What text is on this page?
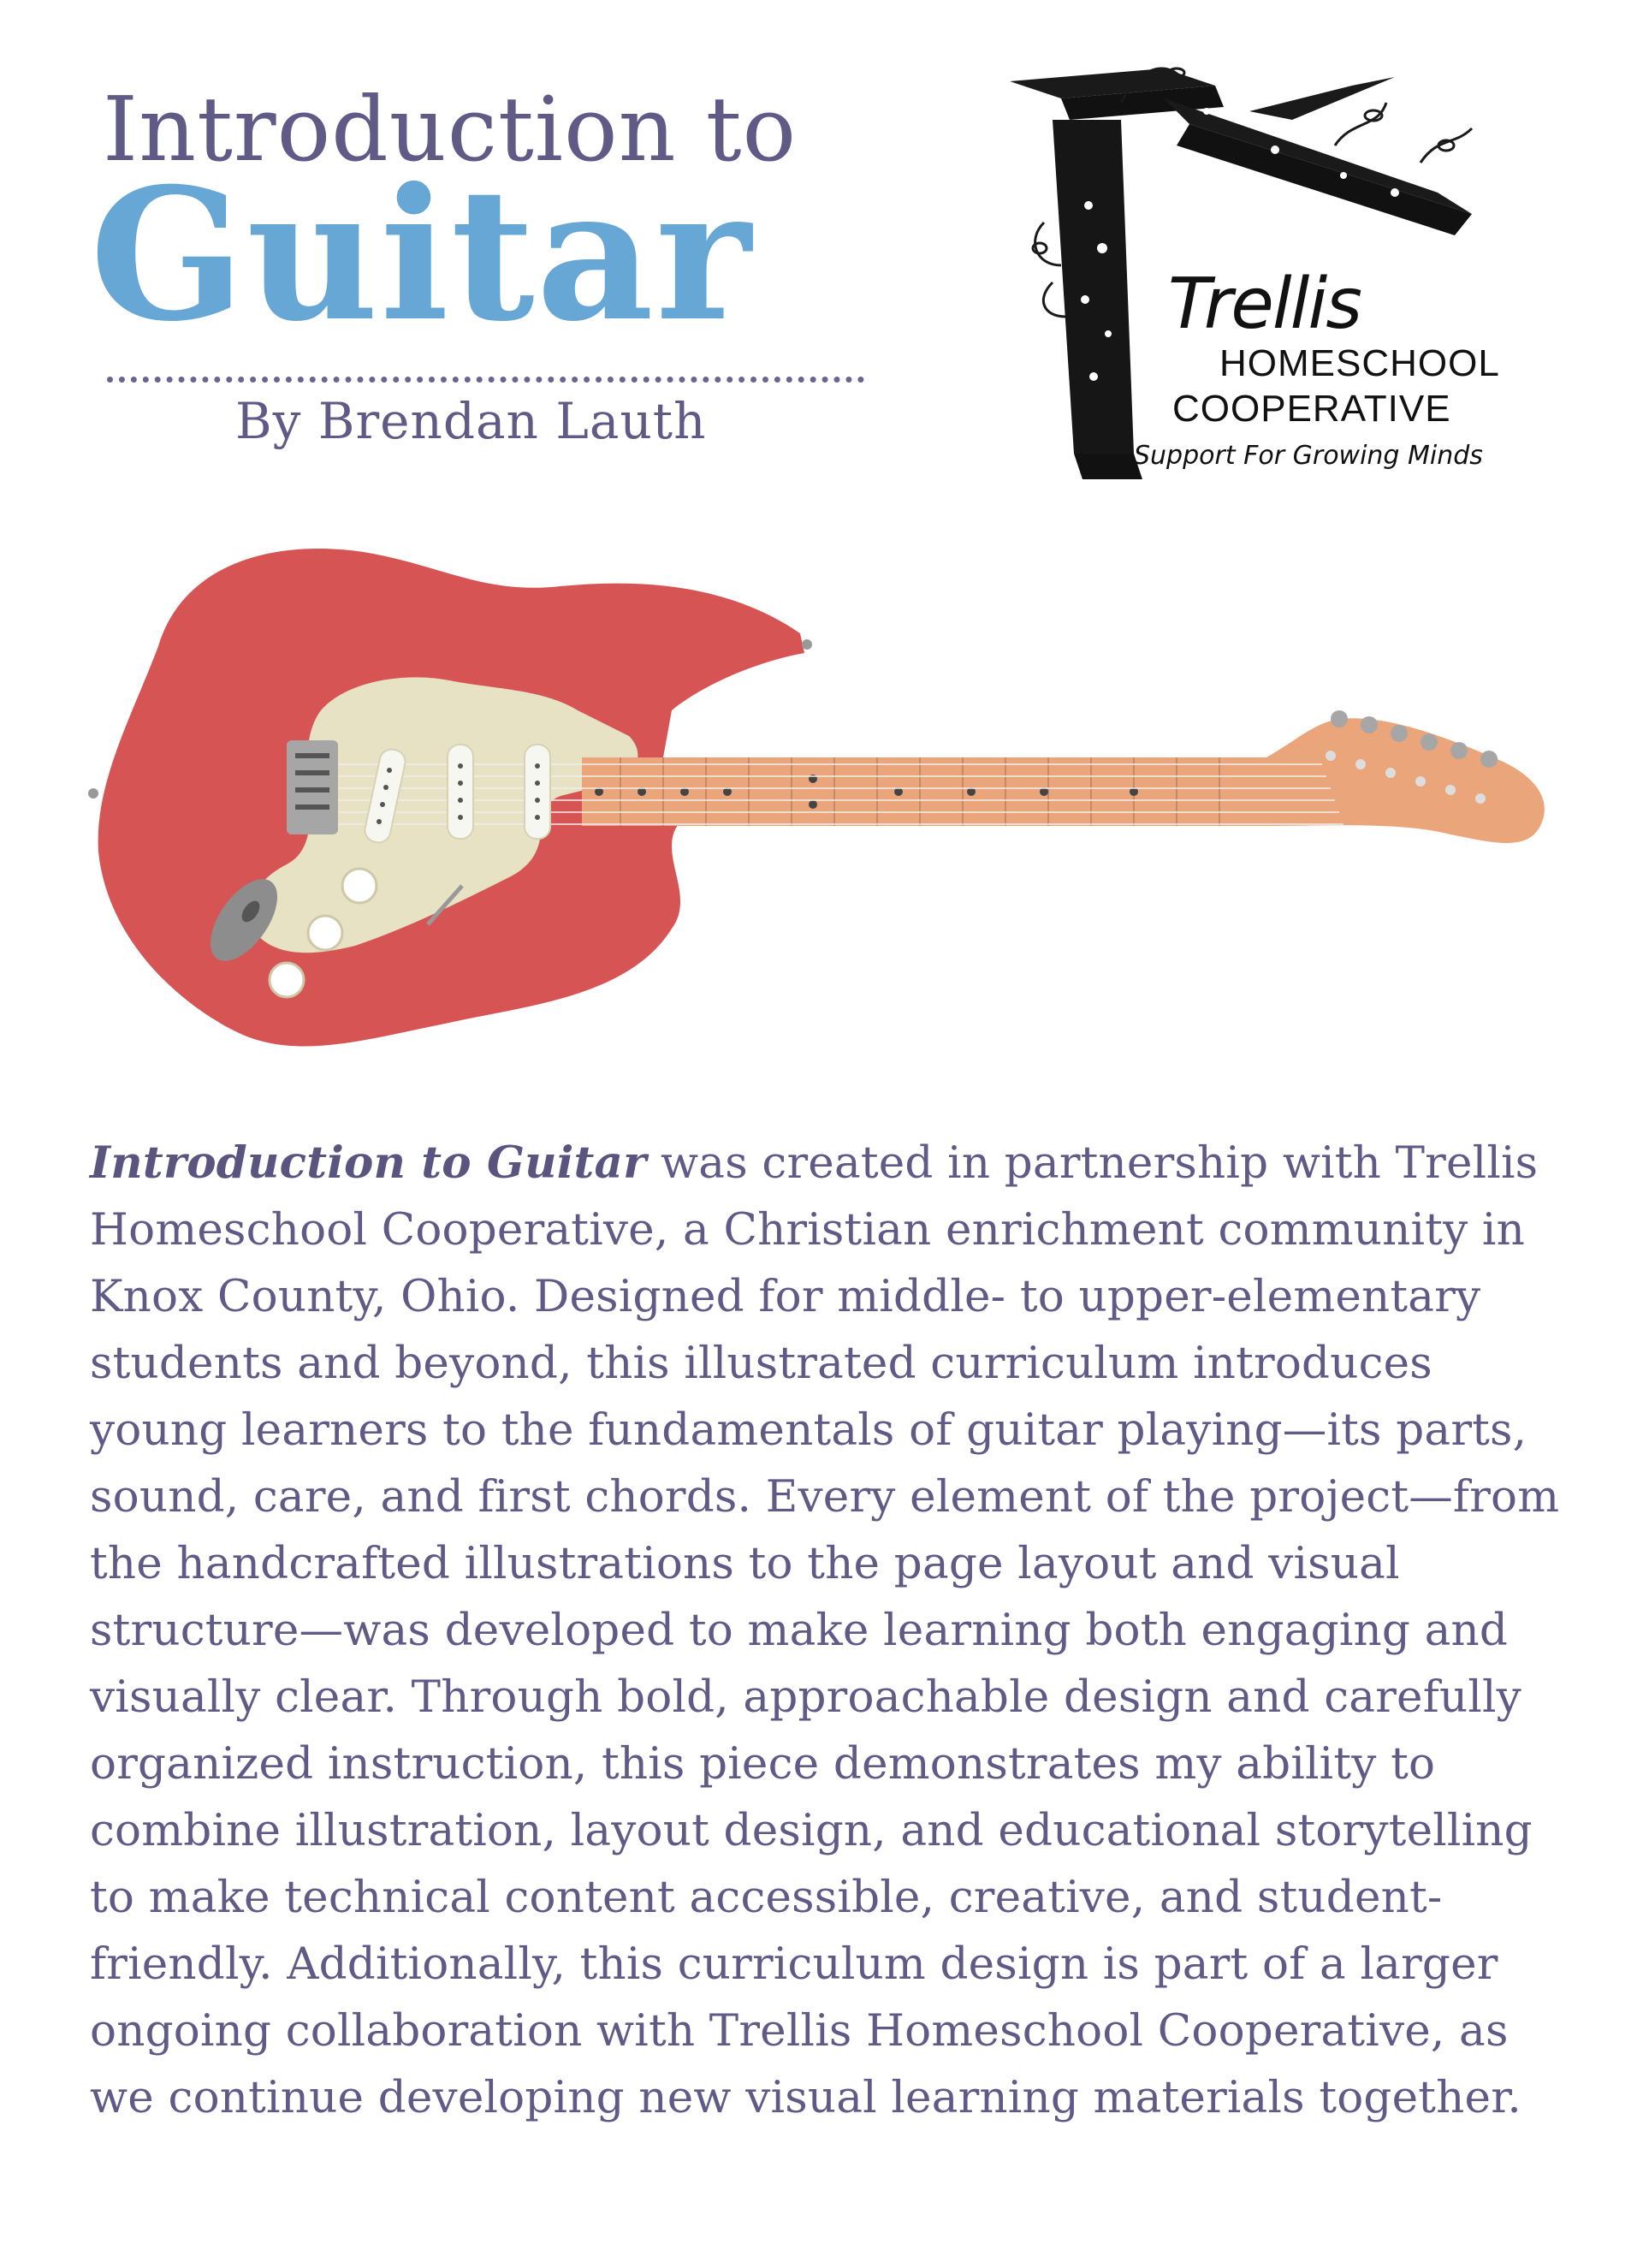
Introduction to
Guitar
By Brendan Lauth
Trellis
HOMESCHOOL
COOPERATIVE
Support For Growing Minds
Introduction to Guitar was created in partnership with Trellis Homeschool Cooperative, a Christian enrichment community in Knox County, Ohio. Designed for middle- to upper-elementary students and beyond, this illustrated curriculum introduces young learners to the fundamentals of guitar playing—its parts, sound, care, and first chords. Every element of the project—from the handcrafted illustrations to the page layout and visual structure—was developed to make learning both engaging and visually clear. Through bold, approachable design and carefully organized instruction, this piece demonstrates my ability to combine illustration, layout design, and educational storytelling to make technical content accessible, creative, and student-friendly. Additionally, this curriculum design is part of a larger ongoing collaboration with Trellis Homeschool Cooperative, as we continue developing new visual learning materials together.
